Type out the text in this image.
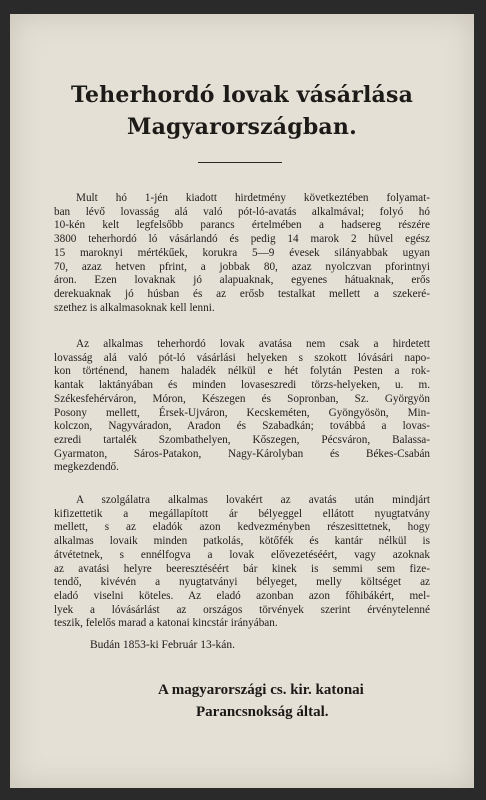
Teherhordó lovak vásárlása
Magyarországban.
Mult hó 1-jén kiadott hirdetmény következtében folyamat-
ban lévő lovasság alá való pót-ló-avatás alkalmával; folyó hó
10-kén kelt legfelsőbb parancs értelmében a hadsereg részére
3800 teherhordó ló vásárlandó és pedig 14 marok 2 hüvel egész
15 maroknyi mértékűek, korukra 5—9 évesek silányabbak ugyan
70, azaz hetven pfrint, a jobbak 80, azaz nyolczvan pforintnyi
áron. Ezen lovaknak jó alapuaknak, egyenes hátuaknak, erős
derekuaknak jó húsban és az erősb testalkat mellett a szekeré-
szethez is alkalmasoknak kell lenni.
Az alkalmas teherhordó lovak avatása nem csak a hirdetett
lovasság alá való pót-ló vásárlási helyeken s szokott lóvásári napo-
kon történend, hanem haladék nélkül e hét folytán Pesten a rok-
kantak laktányában és minden lovaseszredi törzs-helyeken, u. m.
Székesfehérváron, Móron, Készegen és Sopronban, Sz. Györgyön
Posony mellett, Érsek-Ujváron, Kecskeméten, Gyöngyösön, Min-
kolczon, Nagyváradon, Aradon és Szabadkán; továbbá a lovas-
ezredi tartalék Szombathelyen, Kőszegen, Pécsváron, Balassa-
Gyarmaton, Sáros-Patakon, Nagy-Károlyban és Békes-Csabán
megkezdendő.
A szolgálatra alkalmas lovakért az avatás után mindjárt
kifizettetik a megállapított ár bélyeggel ellátott nyugtatvány
mellett, s az eladók azon kedvezményben részesittetnek, hogy
alkalmas lovaik minden patkolás, kötőfék és kantár nélkül is
átvétetnek, s ennélfogva a lovak elővezetéséért, vagy azoknak
az avatási helyre beeresztéséért bár kinek is semmi sem fize-
tendő, kivévén a nyugtatványi bélyeget, melly költséget az
eladó viselni köteles. Az eladó azonban azon főhibákért, mel-
lyek a lóvásárlást az országos törvények szerint érvénytelenné
teszik, felelős marad a katonai kincstár irányában.
Budán 1853-ki Február 13-kán.
A magyarországi cs. kir. katonai
Parancsnokság által.
